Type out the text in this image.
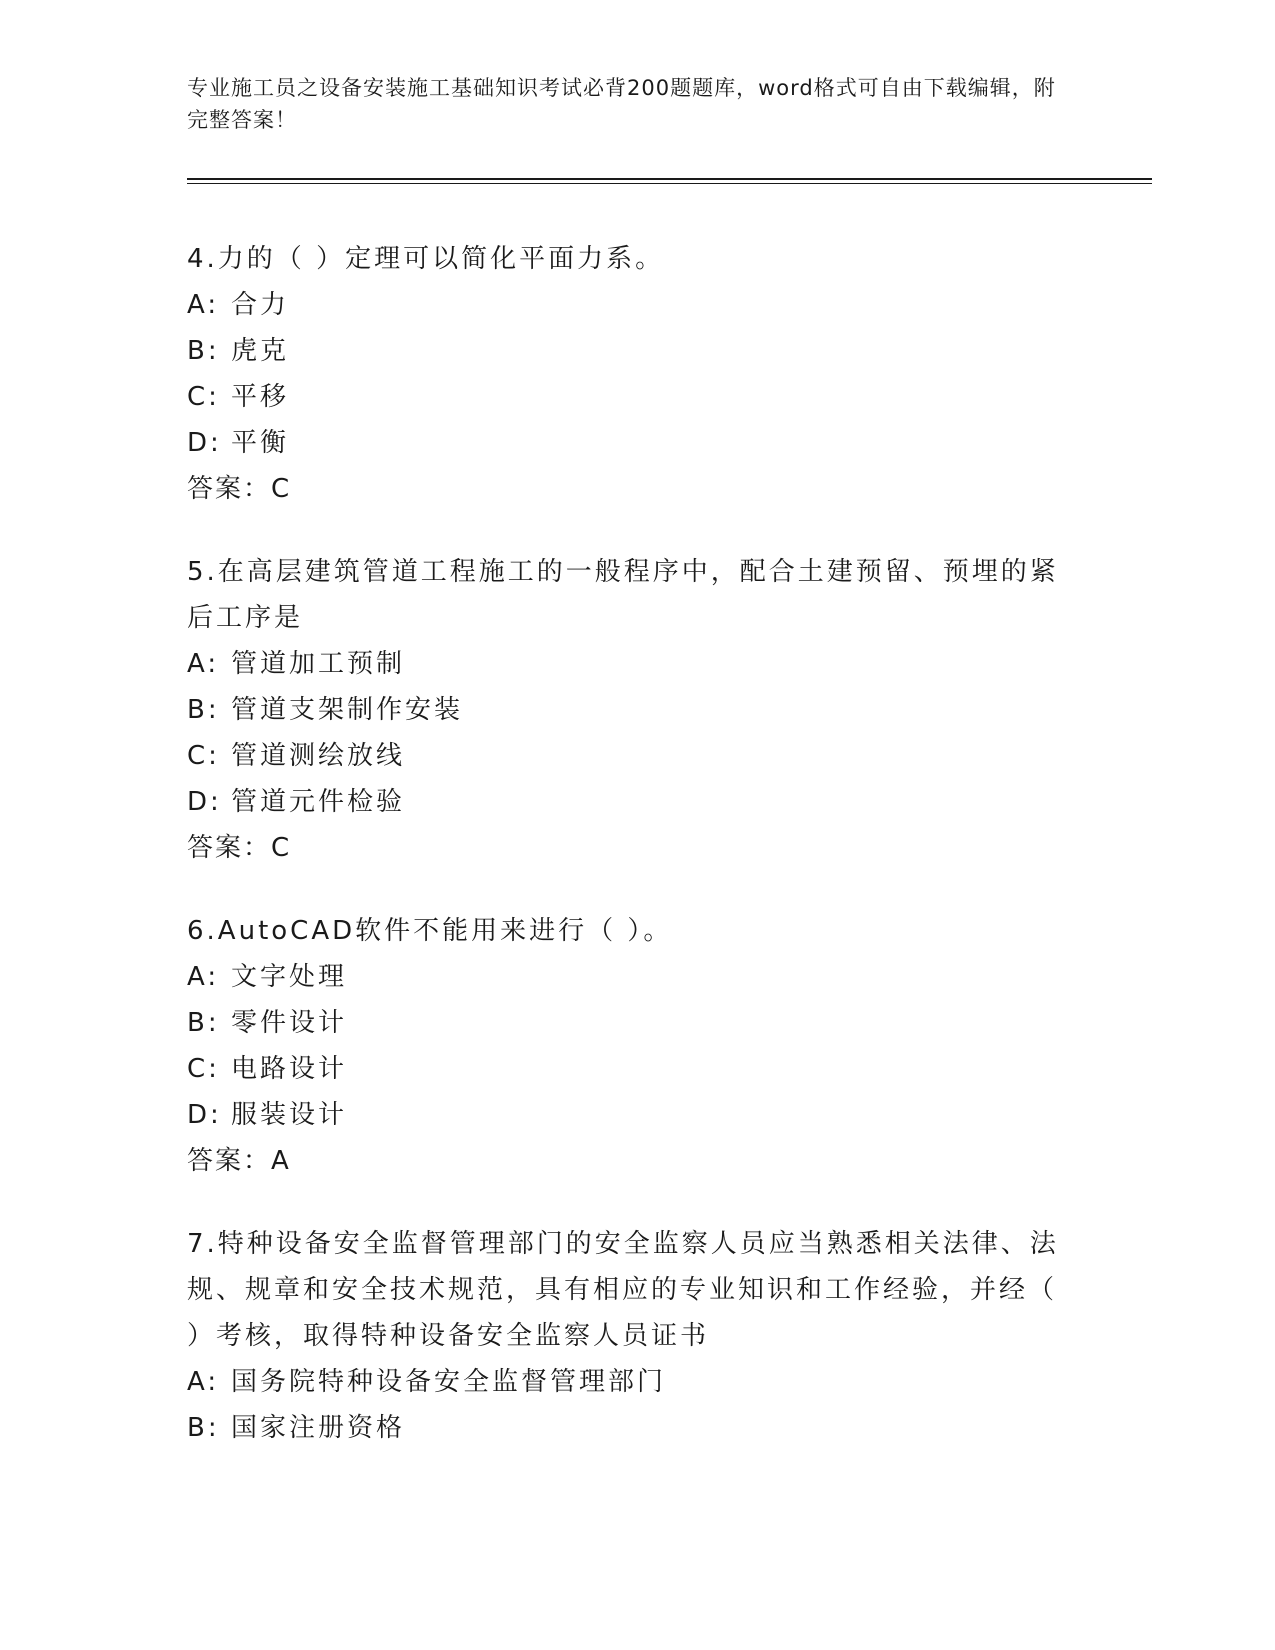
专业施工员之设备安装施工基础知识考试必背200题题库，word格式可自由下载编辑，附完整答案！
4.力的（ ）定理可以简化平面力系。
A: 合力
B: 虎克
C: 平移
D: 平衡
答案：C
5.在高层建筑管道工程施工的一般程序中，配合土建预留、预埋的紧后工序是
A: 管道加工预制
B: 管道支架制作安装
C: 管道测绘放线
D: 管道元件检验
答案：C
6.AutoCAD软件不能用来进行（ ）。
A: 文字处理
B: 零件设计
C: 电路设计
D: 服装设计
答案：A
7.特种设备安全监督管理部门的安全监察人员应当熟悉相关法律、法规、规章和安全技术规范，具有相应的专业知识和工作经验，并经（ ）考核，取得特种设备安全监察人员证书
A: 国务院特种设备安全监督管理部门
B: 国家注册资格
